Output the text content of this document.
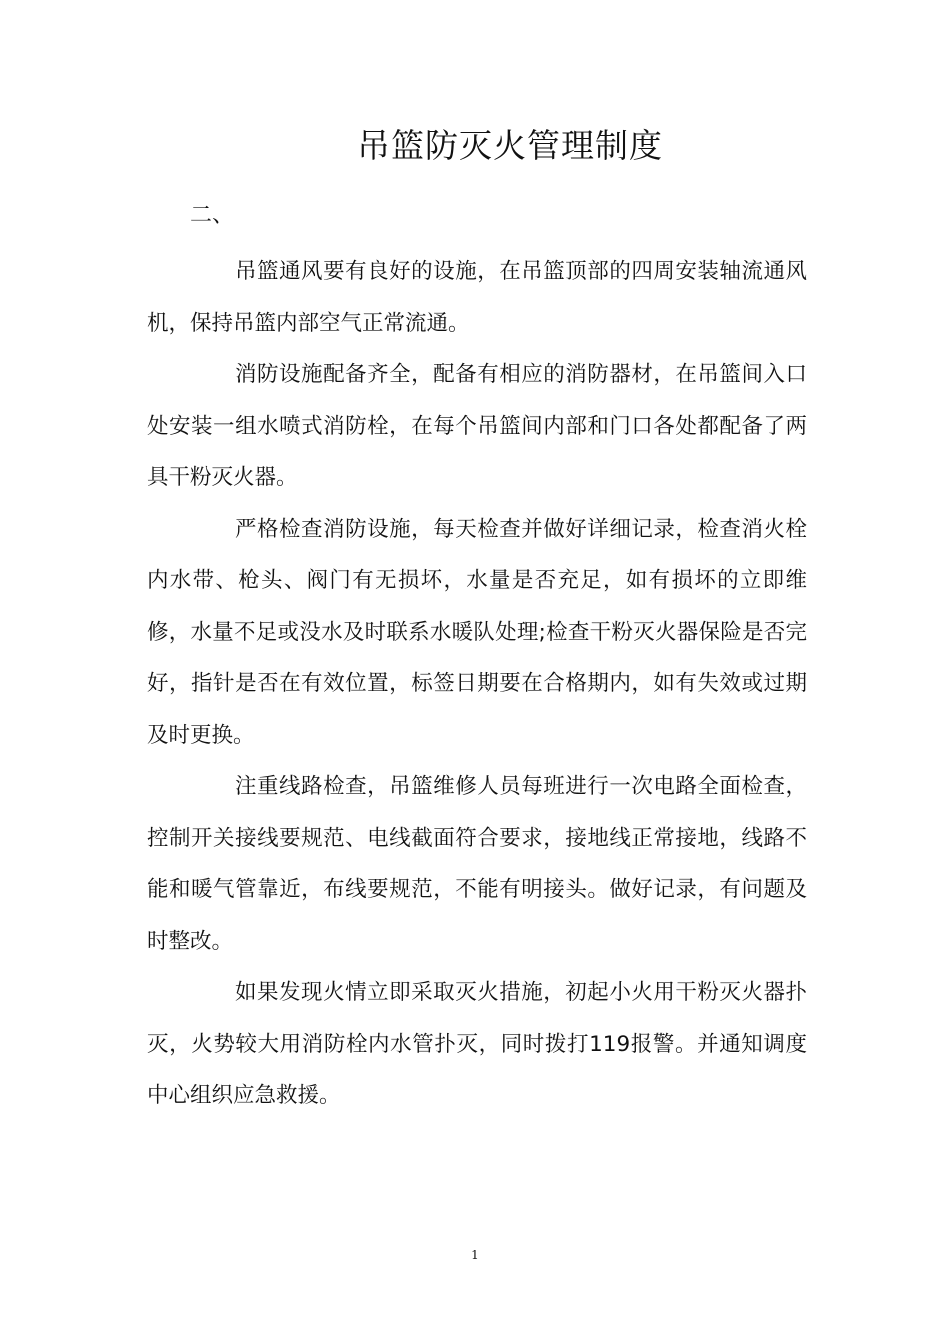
吊篮防灭火管理制度
二、

吊篮通风要有良好的设施，在吊篮顶部的四周安装轴流通风机，保持吊篮内部空气正常流通。

消防设施配备齐全，配备有相应的消防器材，在吊篮间入口处安装一组水喷式消防栓，在每个吊篮间内部和门口各处都配备了两具干粉灭火器。

严格检查消防设施，每天检查并做好详细记录，检查消火栓内水带、枪头、阀门有无损坏，水量是否充足，如有损坏的立即维修，水量不足或没水及时联系水暖队处理;检查干粉灭火器保险是否完好，指针是否在有效位置，标签日期要在合格期内，如有失效或过期及时更换。

注重线路检查，吊篮维修人员每班进行一次电路全面检查，控制开关接线要规范、电线截面符合要求，接地线正常接地，线路不能和暖气管靠近，布线要规范，不能有明接头。做好记录，有问题及时整改。

如果发现火情立即采取灭火措施，初起小火用干粉灭火器扑灭，火势较大用消防栓内水管扑灭，同时拨打119报警。并通知调度中心组织应急救援。

1
